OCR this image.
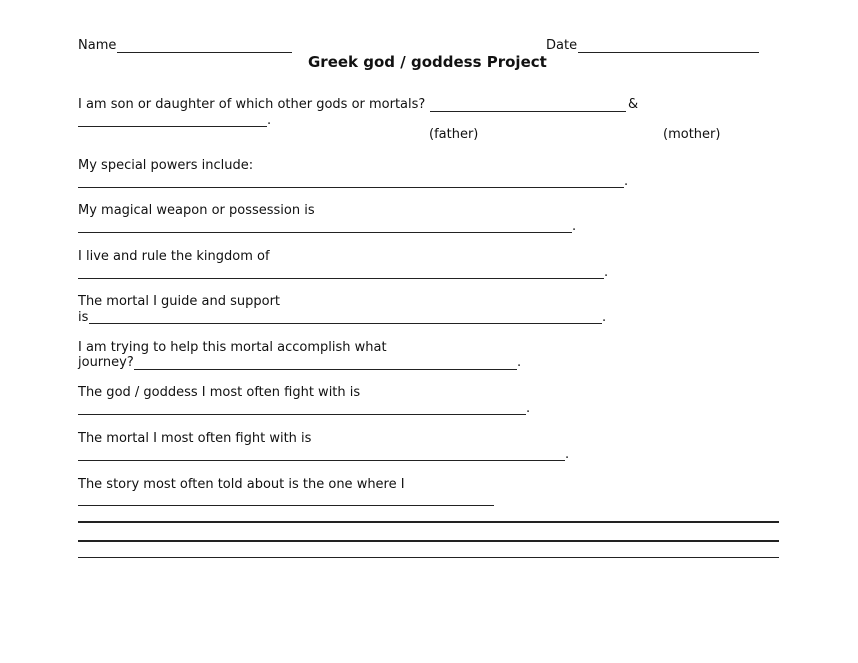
Name	Date
Greek god / goddess Project
I am son or daughter of which other gods or mortals?	&
.
(father)	(mother)
My special powers include:
.
My magical weapon or possession is
.
I live and rule the kingdom of
.
The mortal I guide and support
is	.
I am trying to help this mortal accomplish what
journey?	.
The god / goddess I most often fight with is
.
The mortal I most often fight with is
.
The story most often told about is the one where I
